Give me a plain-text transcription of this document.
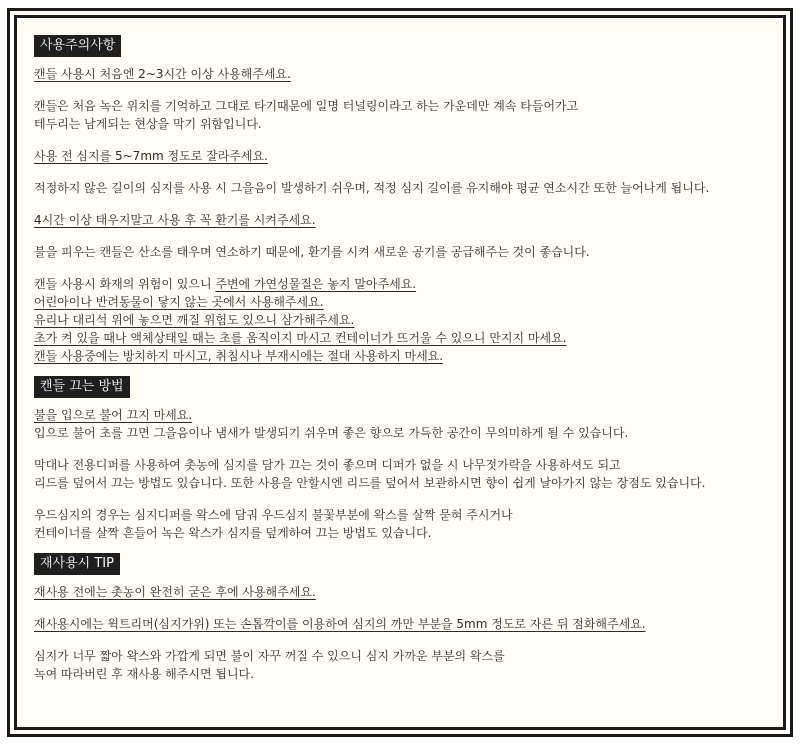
사용주의사항
캔들 사용시 처음엔 2~3시간 이상 사용해주세요.
캔들은 처음 녹은 위치를 기억하고 그대로 타기때문에 일명 터널링이라고 하는 가운데만 계속 타들어가고
테두리는 남게되는 현상을 막기 위함입니다.
사용 전 심지를 5~7mm 정도로 잘라주세요.
적정하지 않은 길이의 심지를 사용 시 그을음이 발생하기 쉬우며, 적정 심지 길이를 유지해야 평균 연소시간 또한 늘어나게 됩니다.
4시간 이상 태우지말고 사용 후 꼭 환기를 시켜주세요.
불을 피우는 캔들은 산소를 태우며 연소하기 때문에, 환기를 시켜 새로운 공기를 공급해주는 것이 좋습니다.
캔들 사용시 화재의 위험이 있으니 주변에 가연성물질은 놓지 말아주세요.
어린아이나 반려동물이 닿지 않는 곳에서 사용해주세요.
유리나 대리석 위에 놓으면 깨질 위험도 있으니 삼가해주세요.
초가 켜 있을 때나 액체상태일 때는 초를 움직이지 마시고 컨테이너가 뜨거울 수 있으니 만지지 마세요.
캔들 사용중에는 방치하지 마시고, 취침시나 부재시에는 절대 사용하지 마세요.
캔들 끄는 방법
불을 입으로 불어 끄지 마세요.
입으로 불어 초를 끄면 그을음이나 냄새가 발생되기 쉬우며 좋은 향으로 가득한 공간이 무의미하게 될 수 있습니다.
막대나 전용디퍼를 사용하여 촛농에 심지를 담가 끄는 것이 좋으며 디퍼가 없을 시 나무젓가락을 사용하셔도 되고
리드를 덮어서 끄는 방법도 있습니다. 또한 사용을 안할시엔 리드를 덮어서 보관하시면 향이 쉽게 날아가지 않는 장점도 있습니다.
우드심지의 경우는 심지디퍼를 왁스에 담궈 우드심지 불꽃부분에 왁스를 살짝 묻혀 주시거나
컨테이너를 살짝 흔들어 녹은 왁스가 심지를 덮게하여 끄는 방법도 있습니다.
재사용시 TIP
재사용 전에는 촛농이 완전히 굳은 후에 사용해주세요.
재사용시에는 윅트리머(심지가위) 또는 손톱깍이를 이용하여 심지의 까만 부분을 5mm 정도로 자른 뒤 점화해주세요.
심지가 너무 짧아 왁스와 가깝게 되면 불이 자꾸 꺼질 수 있으니 심지 가까운 부분의 왁스를
녹여 따라버린 후 재사용 해주시면 됩니다.
